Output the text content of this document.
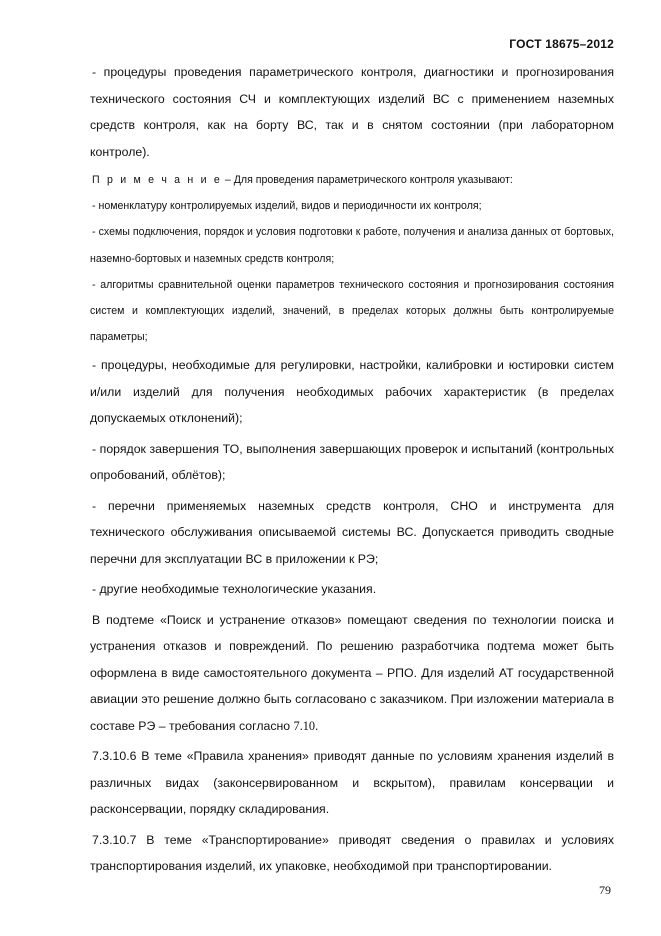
ГОСТ 18675–2012

- процедуры проведения параметрического контроля, диагностики и прогнозирования технического состояния СЧ и комплектующих изделий ВС с применением наземных средств контроля, как на борту ВС, так и в снятом состоянии (при лабораторном контроле).

П р и м е ч а н и е – Для проведения параметрического контроля указывают:

- номенклатуру контролируемых изделий, видов и периодичности их контроля;

- схемы подключения, порядок и условия подготовки к работе, получения и анализа данных от бортовых, наземно-бортовых и наземных средств контроля;

- алгоритмы сравнительной оценки параметров технического состояния и прогнозирования состояния систем и комплектующих изделий, значений, в пределах которых должны быть контролируемые параметры;

- процедуры, необходимые для регулировки, настройки, калибровки и юстировки систем и/или изделий для получения необходимых рабочих характеристик (в пределах допускаемых отклонений);

- порядок завершения ТО, выполнения завершающих проверок и испытаний (контрольных опробований, облётов);

- перечни применяемых наземных средств контроля, СНО и инструмента для технического обслуживания описываемой системы ВС. Допускается приводить сводные перечни для эксплуатации ВС в приложении к РЭ;

- другие необходимые технологические указания.

В подтеме «Поиск и устранение отказов» помещают сведения по технологии поиска и устранения отказов и повреждений. По решению разработчика подтема может быть оформлена в виде самостоятельного документа – РПО. Для изделий АТ государственной авиации это решение должно быть согласовано с заказчиком. При изложении материала в составе РЭ – требования согласно 7.10.

7.3.10.6 В теме «Правила хранения» приводят данные по условиям хранения изделий в различных видах (законсервированном и вскрытом), правилам консервации и расконсервации, порядку складирования.

7.3.10.7 В теме «Транспортирование» приводят сведения о правилах и условиях транспортирования изделий, их упаковке, необходимой при транспортировании.

79
